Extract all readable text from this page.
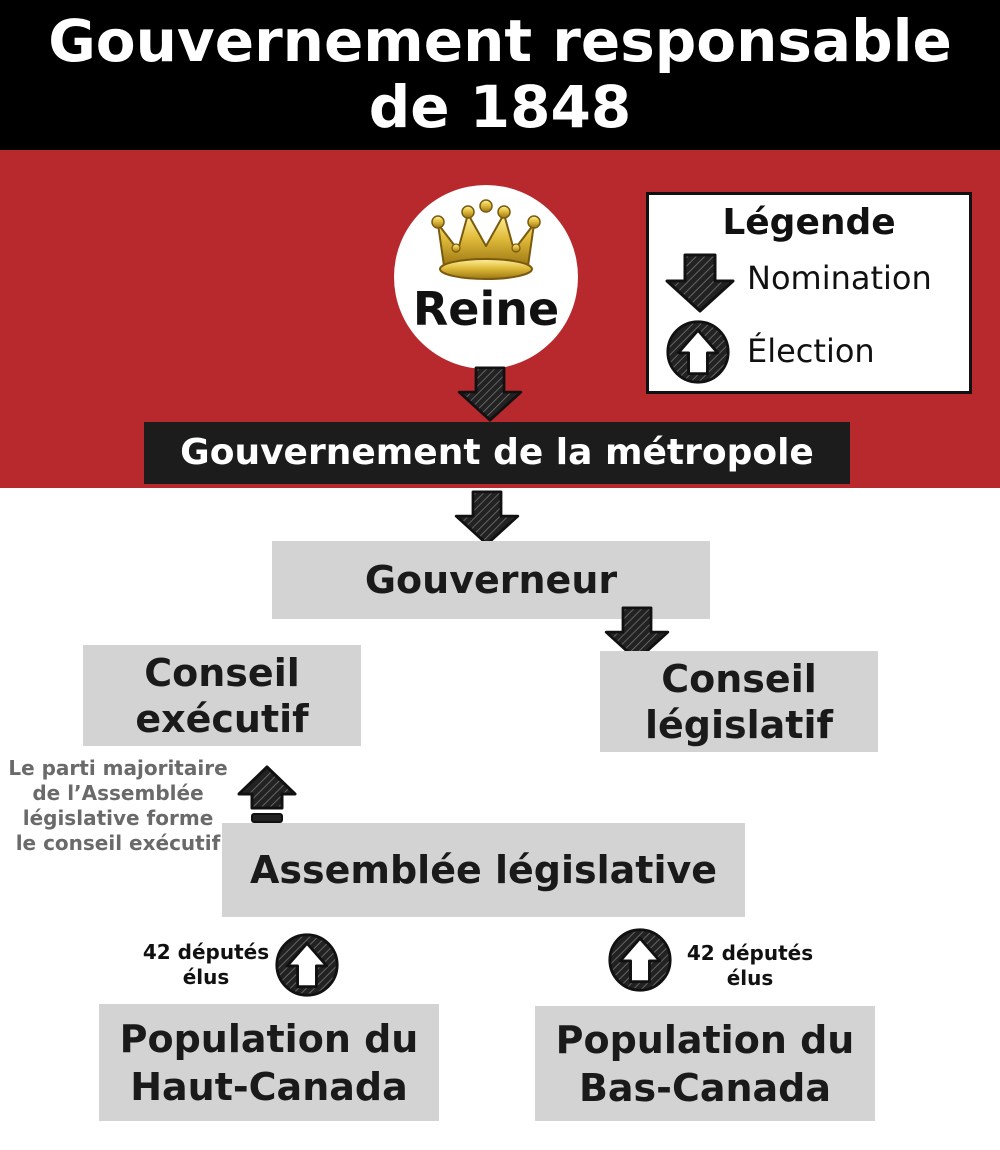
Gouvernement responsable
de 1848
Reine
Légende
Nomination
Élection
Gouvernement de la métropole
Gouverneur
Conseil
exécutif
Conseil
législatif
Le parti majoritaire
de l’Assemblée
législative forme
le conseil exécutif
Assemblée législative
42 députés
élus
42 députés
élus
Population du
Haut-Canada
Population du
Bas-Canada
